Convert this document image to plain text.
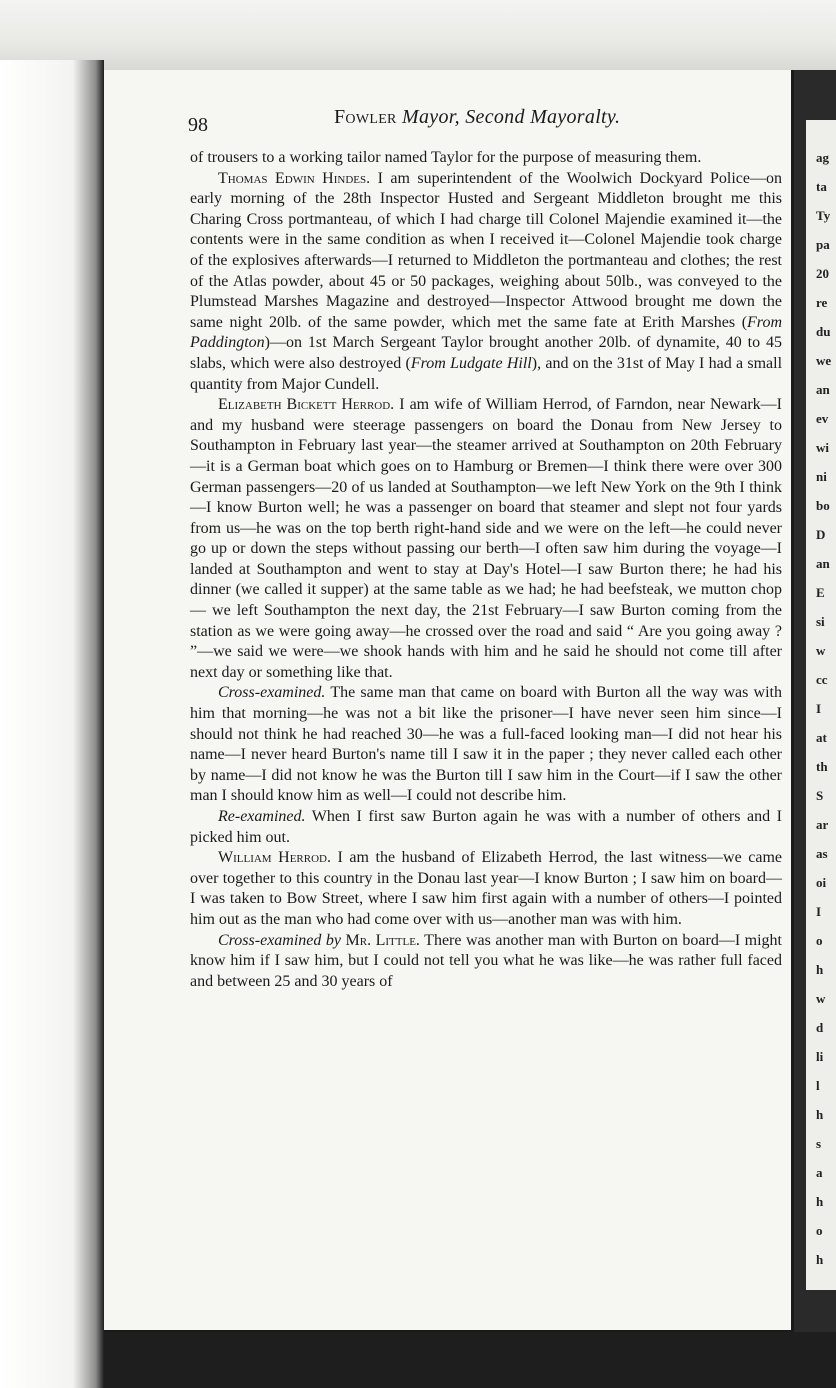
ag
ta
Ty
pa
20
re
du
we
an
ev
wi
ni
bo
D
an
E
si
w
cc
I
at
th
S
ar
as
oi
I
o
h
w
d
li
l
h
s
a
h
o
h
98	Fowler Mayor, Second Mayoralty.

of trousers to a working tailor named Taylor for the purpose of measuring them.

Thomas Edwin Hindes. I am superintendent of the Woolwich Dockyard Police—on early morning of the 28th Inspector Husted and Sergeant Middleton brought me this Charing Cross portmanteau, of which I had charge till Colonel Majendie examined it—the contents were in the same condition as when I received it—Colonel Majendie took charge of the explosives afterwards—I returned to Middleton the portmanteau and clothes; the rest of the Atlas powder, about 45 or 50 packages, weighing about 50lb., was conveyed to the Plumstead Marshes Magazine and destroyed—Inspector Attwood brought me down the same night 20lb. of the same powder, which met the same fate at Erith Marshes (From Paddington)—on 1st March Sergeant Taylor brought another 20lb. of dynamite, 40 to 45 slabs, which were also destroyed (From Ludgate Hill), and on the 31st of May I had a small quantity from Major Cundell.

Elizabeth Bickett Herrod. I am wife of William Herrod, of Farndon, near Newark—I and my husband were steerage passengers on board the Donau from New Jersey to Southampton in February last year—the steamer arrived at Southampton on 20th February—it is a German boat which goes on to Hamburg or Bremen—I think there were over 300 German passengers—20 of us landed at Southampton—we left New York on the 9th I think—I know Burton well; he was a passenger on board that steamer and slept not four yards from us—he was on the top berth right-hand side and we were on the left—he could never go up or down the steps without passing our berth—I often saw him during the voyage—I landed at Southampton and went to stay at Day's Hotel—I saw Burton there; he had his dinner (we called it supper) at the same table as we had; he had beefsteak, we mutton chop — we left Southampton the next day, the 21st February—I saw Burton coming from the station as we were going away—he crossed over the road and said “ Are you going away ? ”—we said we were—we shook hands with him and he said he should not come till after next day or something like that.

Cross-examined. The same man that came on board with Burton all the way was with him that morning—he was not a bit like the prisoner—I have never seen him since—I should not think he had reached 30—he was a full-faced looking man—I did not hear his name—I never heard Burton's name till I saw it in the paper ; they never called each other by name—I did not know he was the Burton till I saw him in the Court—if I saw the other man I should know him as well—I could not describe him.

Re-examined. When I first saw Burton again he was with a number of others and I picked him out.

William Herrod. I am the husband of Elizabeth Herrod, the last witness—we came over together to this country in the Donau last year—I know Burton ; I saw him on board—I was taken to Bow Street, where I saw him first again with a number of others—I pointed him out as the man who had come over with us—another man was with him.

Cross-examined by Mr. Little. There was another man with Burton on board—I might know him if I saw him, but I could not tell you what he was like—he was rather full faced and between 25 and 30 years of
